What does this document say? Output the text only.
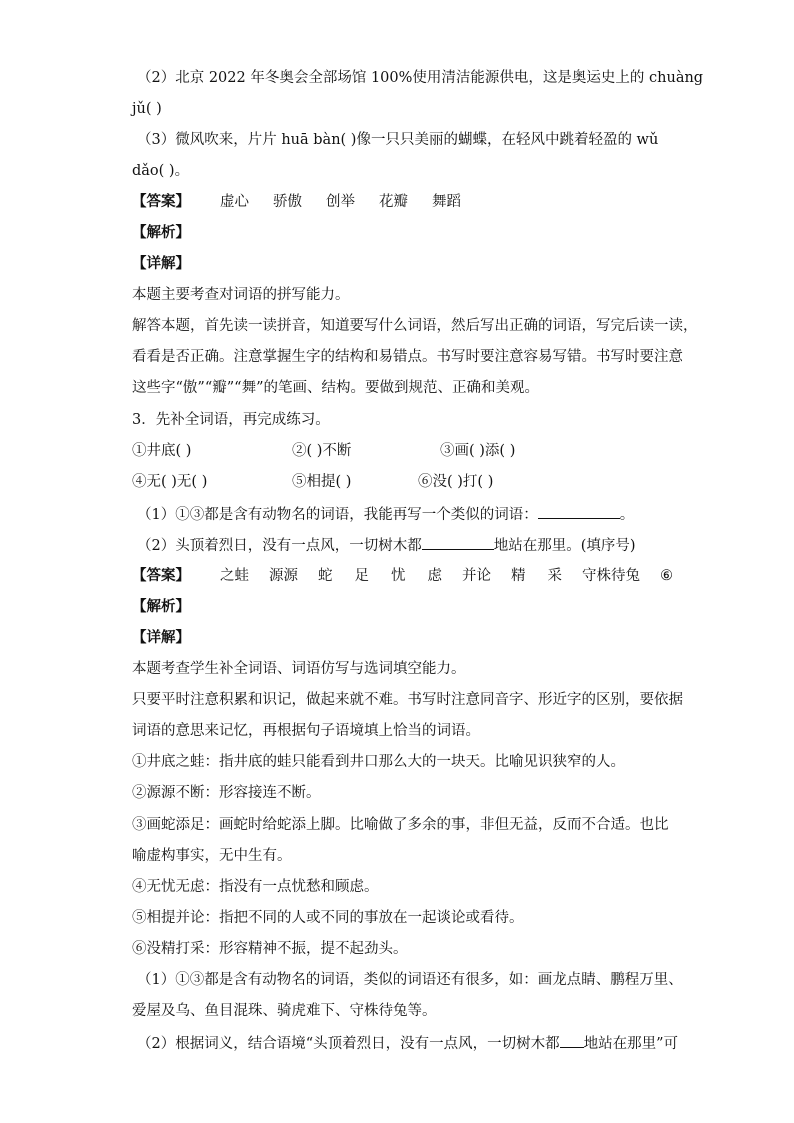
（2）北京 2022 年冬奥会全部场馆 100%使用清洁能源供电，这是奥运史上的 chuàng
jǔ( )
（3）微风吹来，片片 huā bàn( )像一只只美丽的蝴蝶，在轻风中跳着轻盈的 wǔ
dǎo( )。
【答案】 虚心 骄傲 创举 花瓣 舞蹈
【解析】
【详解】
本题主要考查对词语的拼写能力。
解答本题，首先读一读拼音，知道要写什么词语，然后写出正确的词语，写完后读一读，
看看是否正确。注意掌握生字的结构和易错点。书写时要注意容易写错。书写时要注意
这些字“傲”“瓣”“舞”的笔画、结构。要做到规范、正确和美观。
3．先补全词语，再完成练习。
①井底( )	②( )不断	③画( )添( )
④无( )无( )	⑤相提( )	⑥没( )打( )
（1）①③都是含有动物名的词语，我能再写一个类似的词语：	。
（2）头顶着烈日，没有一点风，一切树木都	地站在那里。(填序号)
【答案】 之蛙 源源 蛇 足 忧 虑 并论 精 采 守株待兔 ⑥
【解析】
【详解】
本题考查学生补全词语、词语仿写与选词填空能力。
只要平时注意积累和识记，做起来就不难。书写时注意同音字、形近字的区别，要依据
词语的意思来记忆，再根据句子语境填上恰当的词语。
①井底之蛙：指井底的蛙只能看到井口那么大的一块天。比喻见识狭窄的人。
②源源不断：形容接连不断。
③画蛇添足：画蛇时给蛇添上脚。比喻做了多余的事，非但无益，反而不合适。也比
喻虚构事实，无中生有。
④无忧无虑：指没有一点忧愁和顾虑。
⑤相提并论：指把不同的人或不同的事放在一起谈论或看待。
⑥没精打采：形容精神不振，提不起劲头。
（1）①③都是含有动物名的词语，类似的词语还有很多，如：画龙点睛、鹏程万里、
爱屋及乌、鱼目混珠、骑虎难下、守株待兔等。
（2）根据词义，结合语境“头顶着烈日，没有一点风，一切树木都 地站在那里”可
